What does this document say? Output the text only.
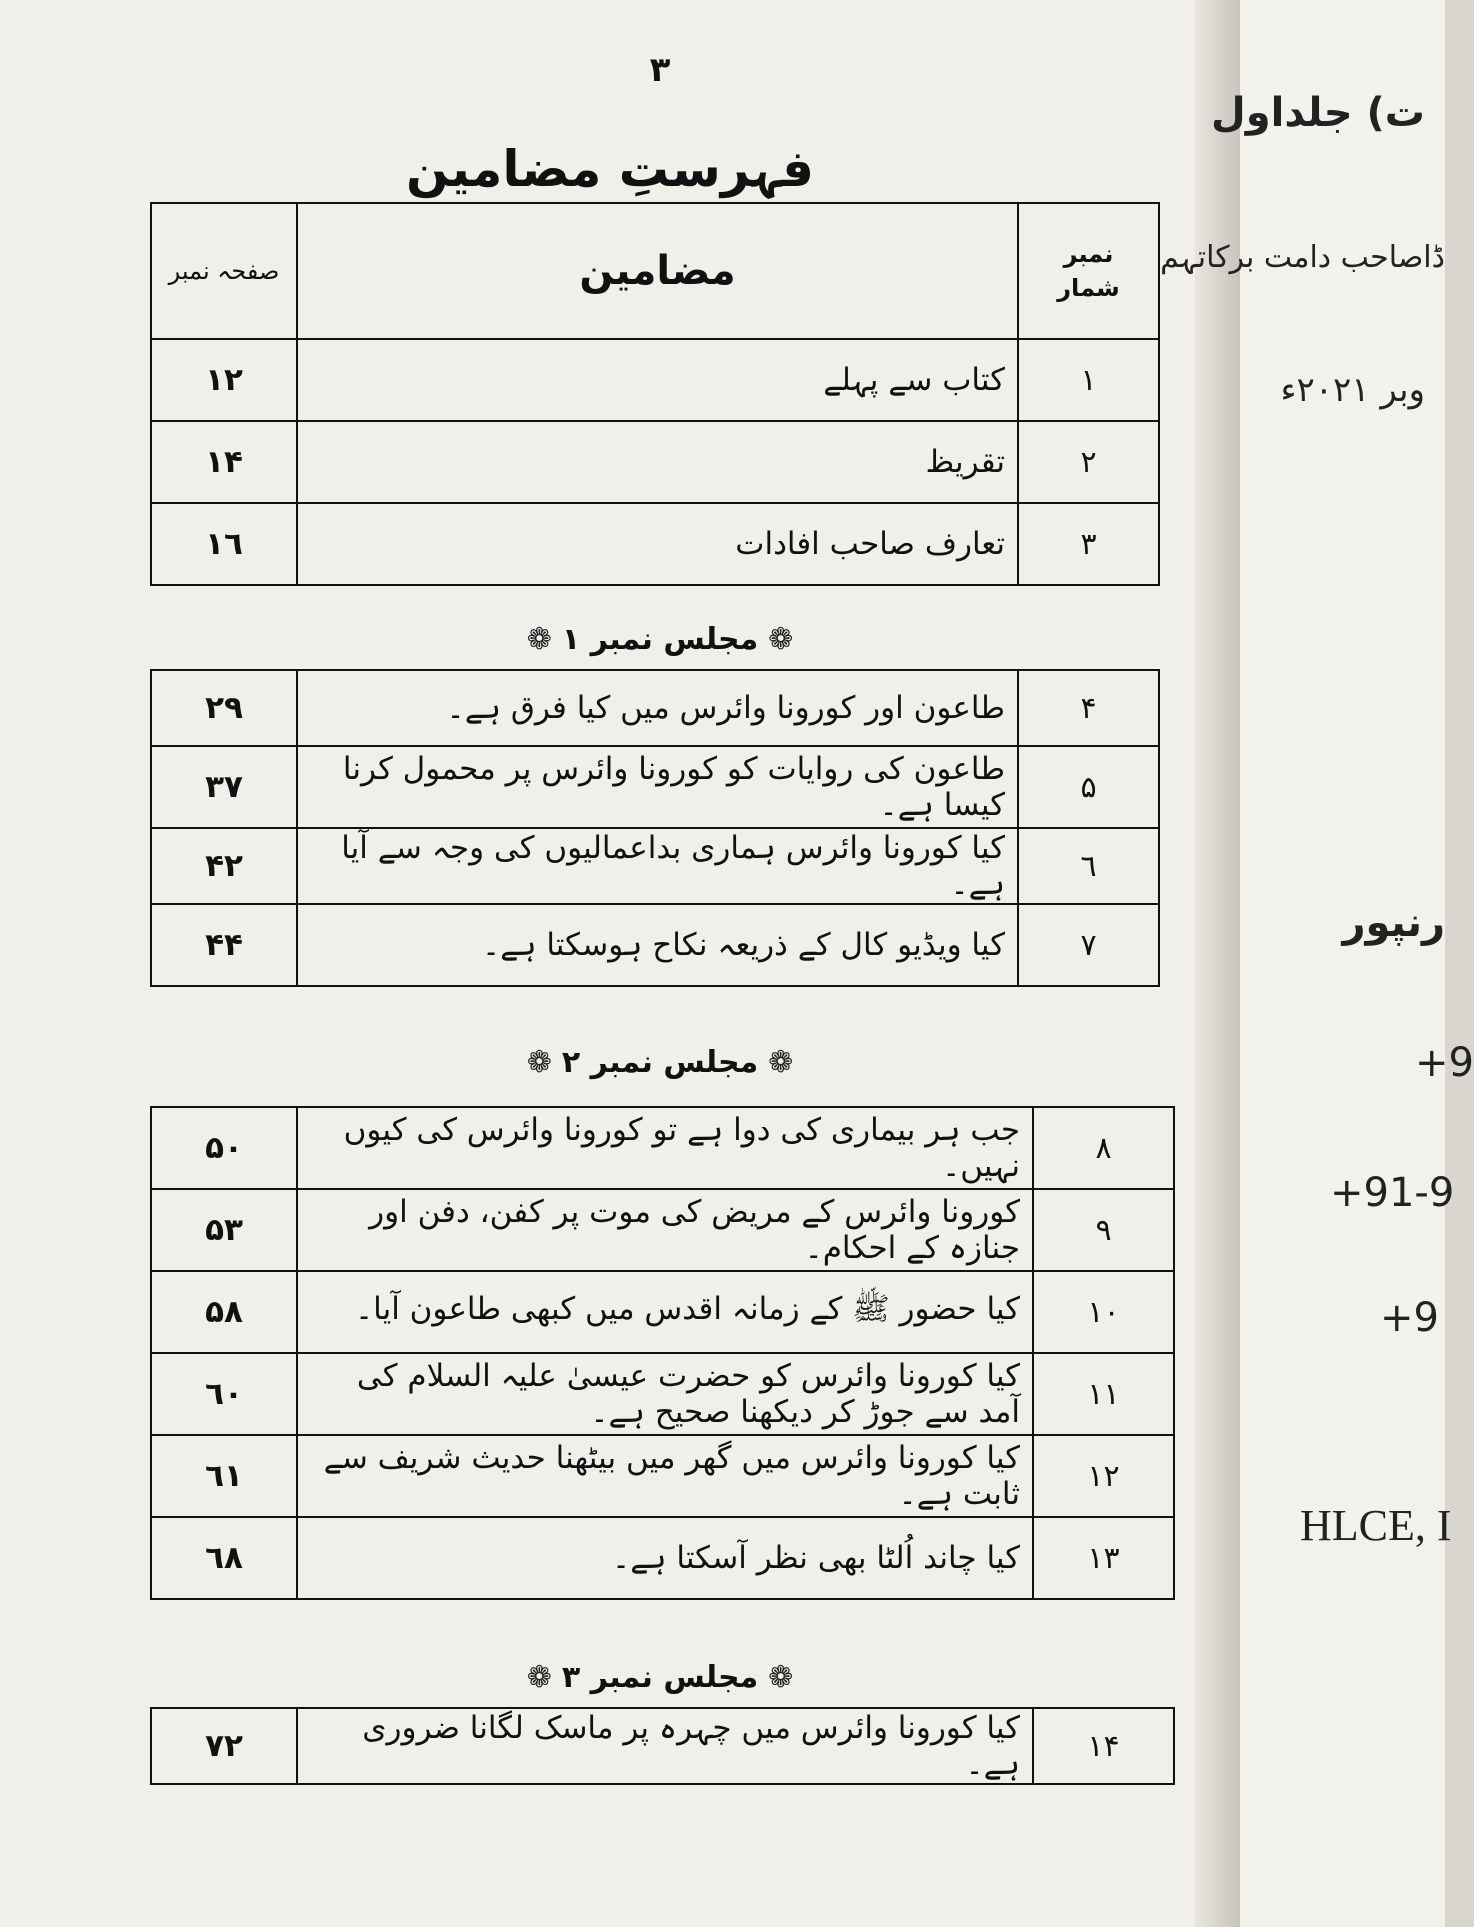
٣
فہرستِ مضامین
نمبر شمار	مضامین	صفحہ نمبر
١	کتاب سے پہلے	١٢
٢	تقریظ	١۴
٣	تعارف صاحب افادات	١٦
❁مجلس نمبر ١❁
۴	طاعون اور کورونا وائرس میں کیا فرق ہے۔	٢٩
۵	طاعون کی روایات کو کورونا وائرس پر محمول کرنا کیسا ہے۔	٣٧
٦	کیا کورونا وائرس ہماری بداعمالیوں کی وجہ سے آیا ہے۔	۴٢
٧	کیا ویڈیو کال کے ذریعہ نکاح ہوسکتا ہے۔	۴۴
❁مجلس نمبر ٢❁
٨	جب ہر بیماری کی دوا ہے تو کورونا وائرس کی کیوں نہیں۔	۵٠
٩	کورونا وائرس کے مریض کی موت پر کفن، دفن اور جنازہ کے احکام۔	۵٣
١٠	کیا حضور ﷺ کے زمانہ اقدس میں کبھی طاعون آیا۔	۵٨
١١	کیا کورونا وائرس کو حضرت عیسیٰ علیہ السلام کی آمد سے جوڑ کر دیکھنا صحیح ہے۔	٦٠
١٢	کیا کورونا وائرس میں گھر میں بیٹھنا حدیث شریف سے ثابت ہے۔	٦١
١٣	کیا چاند اُلٹا بھی نظر آسکتا ہے۔	٦٨
❁مجلس نمبر ٣❁
١۴	کیا کورونا وائرس میں چہرہ پر ماسک لگانا ضروری ہے۔	٧٢
ت) جلداول
ڈاصاحب دامت برکاتہم
وبر ٢٠٢١ء
رنپور
+9
+91-9
+9
HLCE, I
